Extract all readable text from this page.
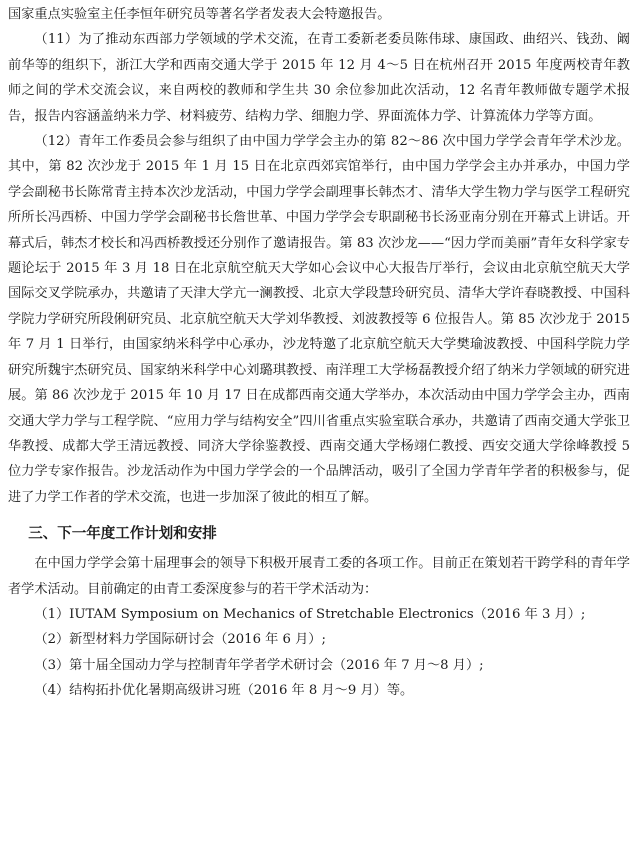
国家重点实验室主任李恒年研究员等著名学者发表大会特邀报告。

（11）为了推动东西部力学领域的学术交流，在青工委新老委员陈伟球、康国政、曲绍兴、钱劲、阚前华等的组织下，浙江大学和西南交通大学于 2015 年 12 月 4～5 日在杭州召开 2015 年度两校青年教师之间的学术交流会议，来自两校的教师和学生共 30 余位参加此次活动，12 名青年教师做专题学术报告，报告内容涵盖纳米力学、材料疲劳、结构力学、细胞力学、界面流体力学、计算流体力学等方面。

（12）青年工作委员会参与组织了由中国力学学会主办的第 82～86 次中国力学学会青年学术沙龙。其中，第 82 次沙龙于 2015 年 1 月 15 日在北京西郊宾馆举行，由中国力学学会主办并承办，中国力学学会副秘书长陈常青主持本次沙龙活动，中国力学学会副理事长韩杰才、清华大学生物力学与医学工程研究所所长冯西桥、中国力学学会副秘书长詹世革、中国力学学会专职副秘书长汤亚南分别在开幕式上讲话。开幕式后，韩杰才校长和冯西桥教授还分别作了邀请报告。第 83 次沙龙——“因力学而美丽”青年女科学家专题论坛于 2015 年 3 月 18 日在北京航空航天大学如心会议中心大报告厅举行，会议由北京航空航天大学国际交叉学院承办，共邀请了天津大学亢一澜教授、北京大学段慧玲研究员、清华大学许春晓教授、中国科学院力学研究所段俐研究员、北京航空航天大学刘华教授、刘波教授等 6 位报告人。第 85 次沙龙于 2015 年 7 月 1 日举行，由国家纳米科学中心承办，沙龙特邀了北京航空航天大学樊瑜波教授、中国科学院力学研究所魏宇杰研究员、国家纳米科学中心刘璐琪教授、南洋理工大学杨磊教授介绍了纳米力学领域的研究进展。第 86 次沙龙于 2015 年 10 月 17 日在成都西南交通大学举办，本次活动由中国力学学会主办，西南交通大学力学与工程学院、“应用力学与结构安全”四川省重点实验室联合承办，共邀请了西南交通大学张卫华教授、成都大学王清远教授、同济大学徐鉴教授、西南交通大学杨翊仁教授、西安交通大学徐峰教授 5 位力学专家作报告。沙龙活动作为中国力学学会的一个品牌活动，吸引了全国力学青年学者的积极参与，促进了力学工作者的学术交流，也进一步加深了彼此的相互了解。

三、下一年度工作计划和安排

在中国力学学会第十届理事会的领导下积极开展青工委的各项工作。目前正在策划若干跨学科的青年学者学术活动。目前确定的由青工委深度参与的若干学术活动为：

（1）IUTAM Symposium on Mechanics of Stretchable Electronics（2016 年 3 月）;
（2）新型材料力学国际研讨会（2016 年 6 月）;
（3）第十届全国动力学与控制青年学者学术研讨会（2016 年 7 月～8 月）;
（4）结构拓扑优化暑期高级讲习班（2016 年 8 月～9 月）等。
